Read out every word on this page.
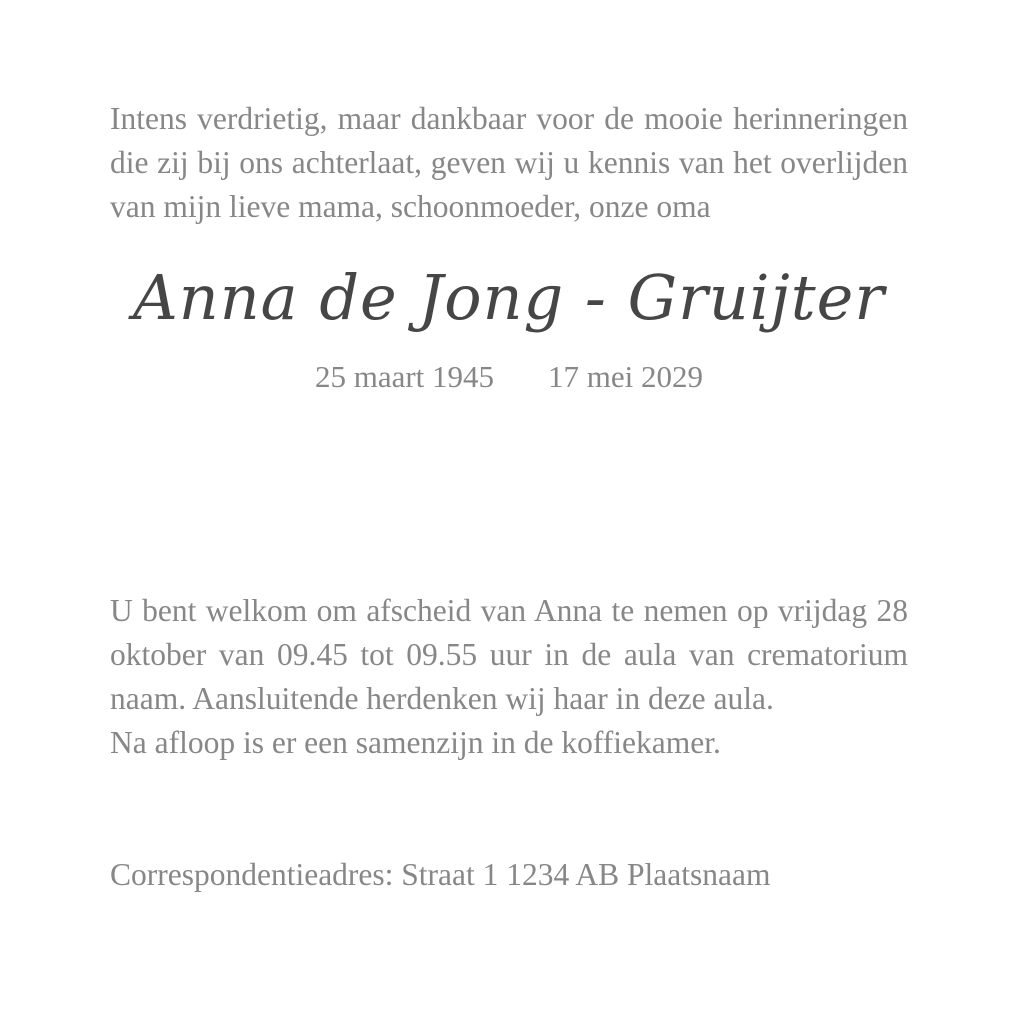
Intens verdrietig, maar dankbaar voor de mooie herinneringen die zij bij ons achterlaat, geven wij u kennis van het overlijden van mijn lieve mama, schoonmoeder, onze oma

Anna de Jong - Gruijter
25 maart 1945 17 mei 2029

U bent welkom om afscheid van Anna te nemen op vrijdag 28 oktober van 09.45 tot 09.55 uur in de aula van crematorium naam. Aansluitende herdenken wij haar in deze aula.

Na afloop is er een samenzijn in de koffiekamer.

Correspondentieadres: Straat 1 1234 AB Plaatsnaam
